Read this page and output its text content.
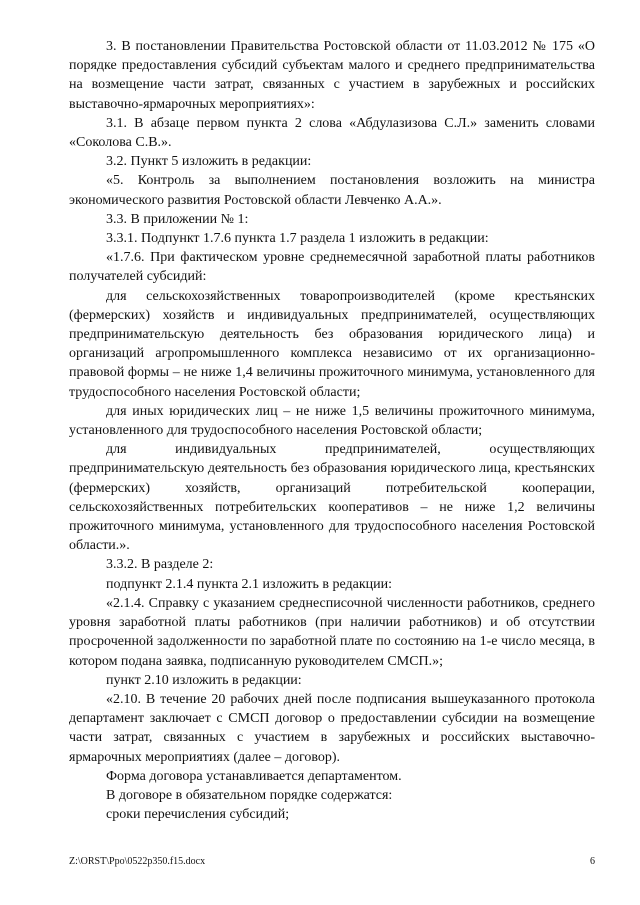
3. В постановлении Правительства Ростовской области от 11.03.2012 № 175 «О порядке предоставления субсидий субъектам малого и среднего предпринимательства на возмещение части затрат, связанных с участием в зарубежных и российских выставочно-ярмарочных мероприятиях»:

3.1. В абзаце первом пункта 2 слова «Абдулазизова С.Л.» заменить словами «Соколова С.В.».

3.2. Пункт 5 изложить в редакции:

«5. Контроль за выполнением постановления возложить на министра экономического развития Ростовской области Левченко А.А.».

3.3. В приложении № 1:

3.3.1. Подпункт 1.7.6 пункта 1.7 раздела 1 изложить в редакции:

«1.7.6. При фактическом уровне среднемесячной заработной платы работников получателей субсидий:

для сельскохозяйственных товаропроизводителей (кроме крестьянских (фермерских) хозяйств и индивидуальных предпринимателей, осуществляющих предпринимательскую деятельность без образования юридического лица) и организаций агропромышленного комплекса независимо от их организационно-правовой формы – не ниже 1,4 величины прожиточного минимума, установленного для трудоспособного населения Ростовской области;

для иных юридических лиц – не ниже 1,5 величины прожиточного минимума, установленного для трудоспособного населения Ростовской области;

для индивидуальных предпринимателей, осуществляющих предпринимательскую деятельность без образования юридического лица, крестьянских (фермерских) хозяйств, организаций потребительской кооперации, сельскохозяйственных потребительских кооперативов – не ниже 1,2 величины прожиточного минимума, установленного для трудоспособного населения Ростовской области.».

3.3.2. В разделе 2:

подпункт 2.1.4 пункта 2.1 изложить в редакции:

«2.1.4. Справку с указанием среднесписочной численности работников, среднего уровня заработной платы работников (при наличии работников) и об отсутствии просроченной задолженности по заработной плате по состоянию на 1-е число месяца, в котором подана заявка, подписанную руководителем СМСП.»;

пункт 2.10 изложить в редакции:

«2.10. В течение 20 рабочих дней после подписания вышеуказанного протокола департамент заключает с СМСП договор о предоставлении субсидии на возмещение части затрат, связанных с участием в зарубежных и российских выставочно-ярмарочных мероприятиях (далее – договор).

Форма договора устанавливается департаментом.

В договоре в обязательном порядке содержатся:

сроки перечисления субсидий;

Z:\ORST\Ppo\0522p350.f15.docx	6
